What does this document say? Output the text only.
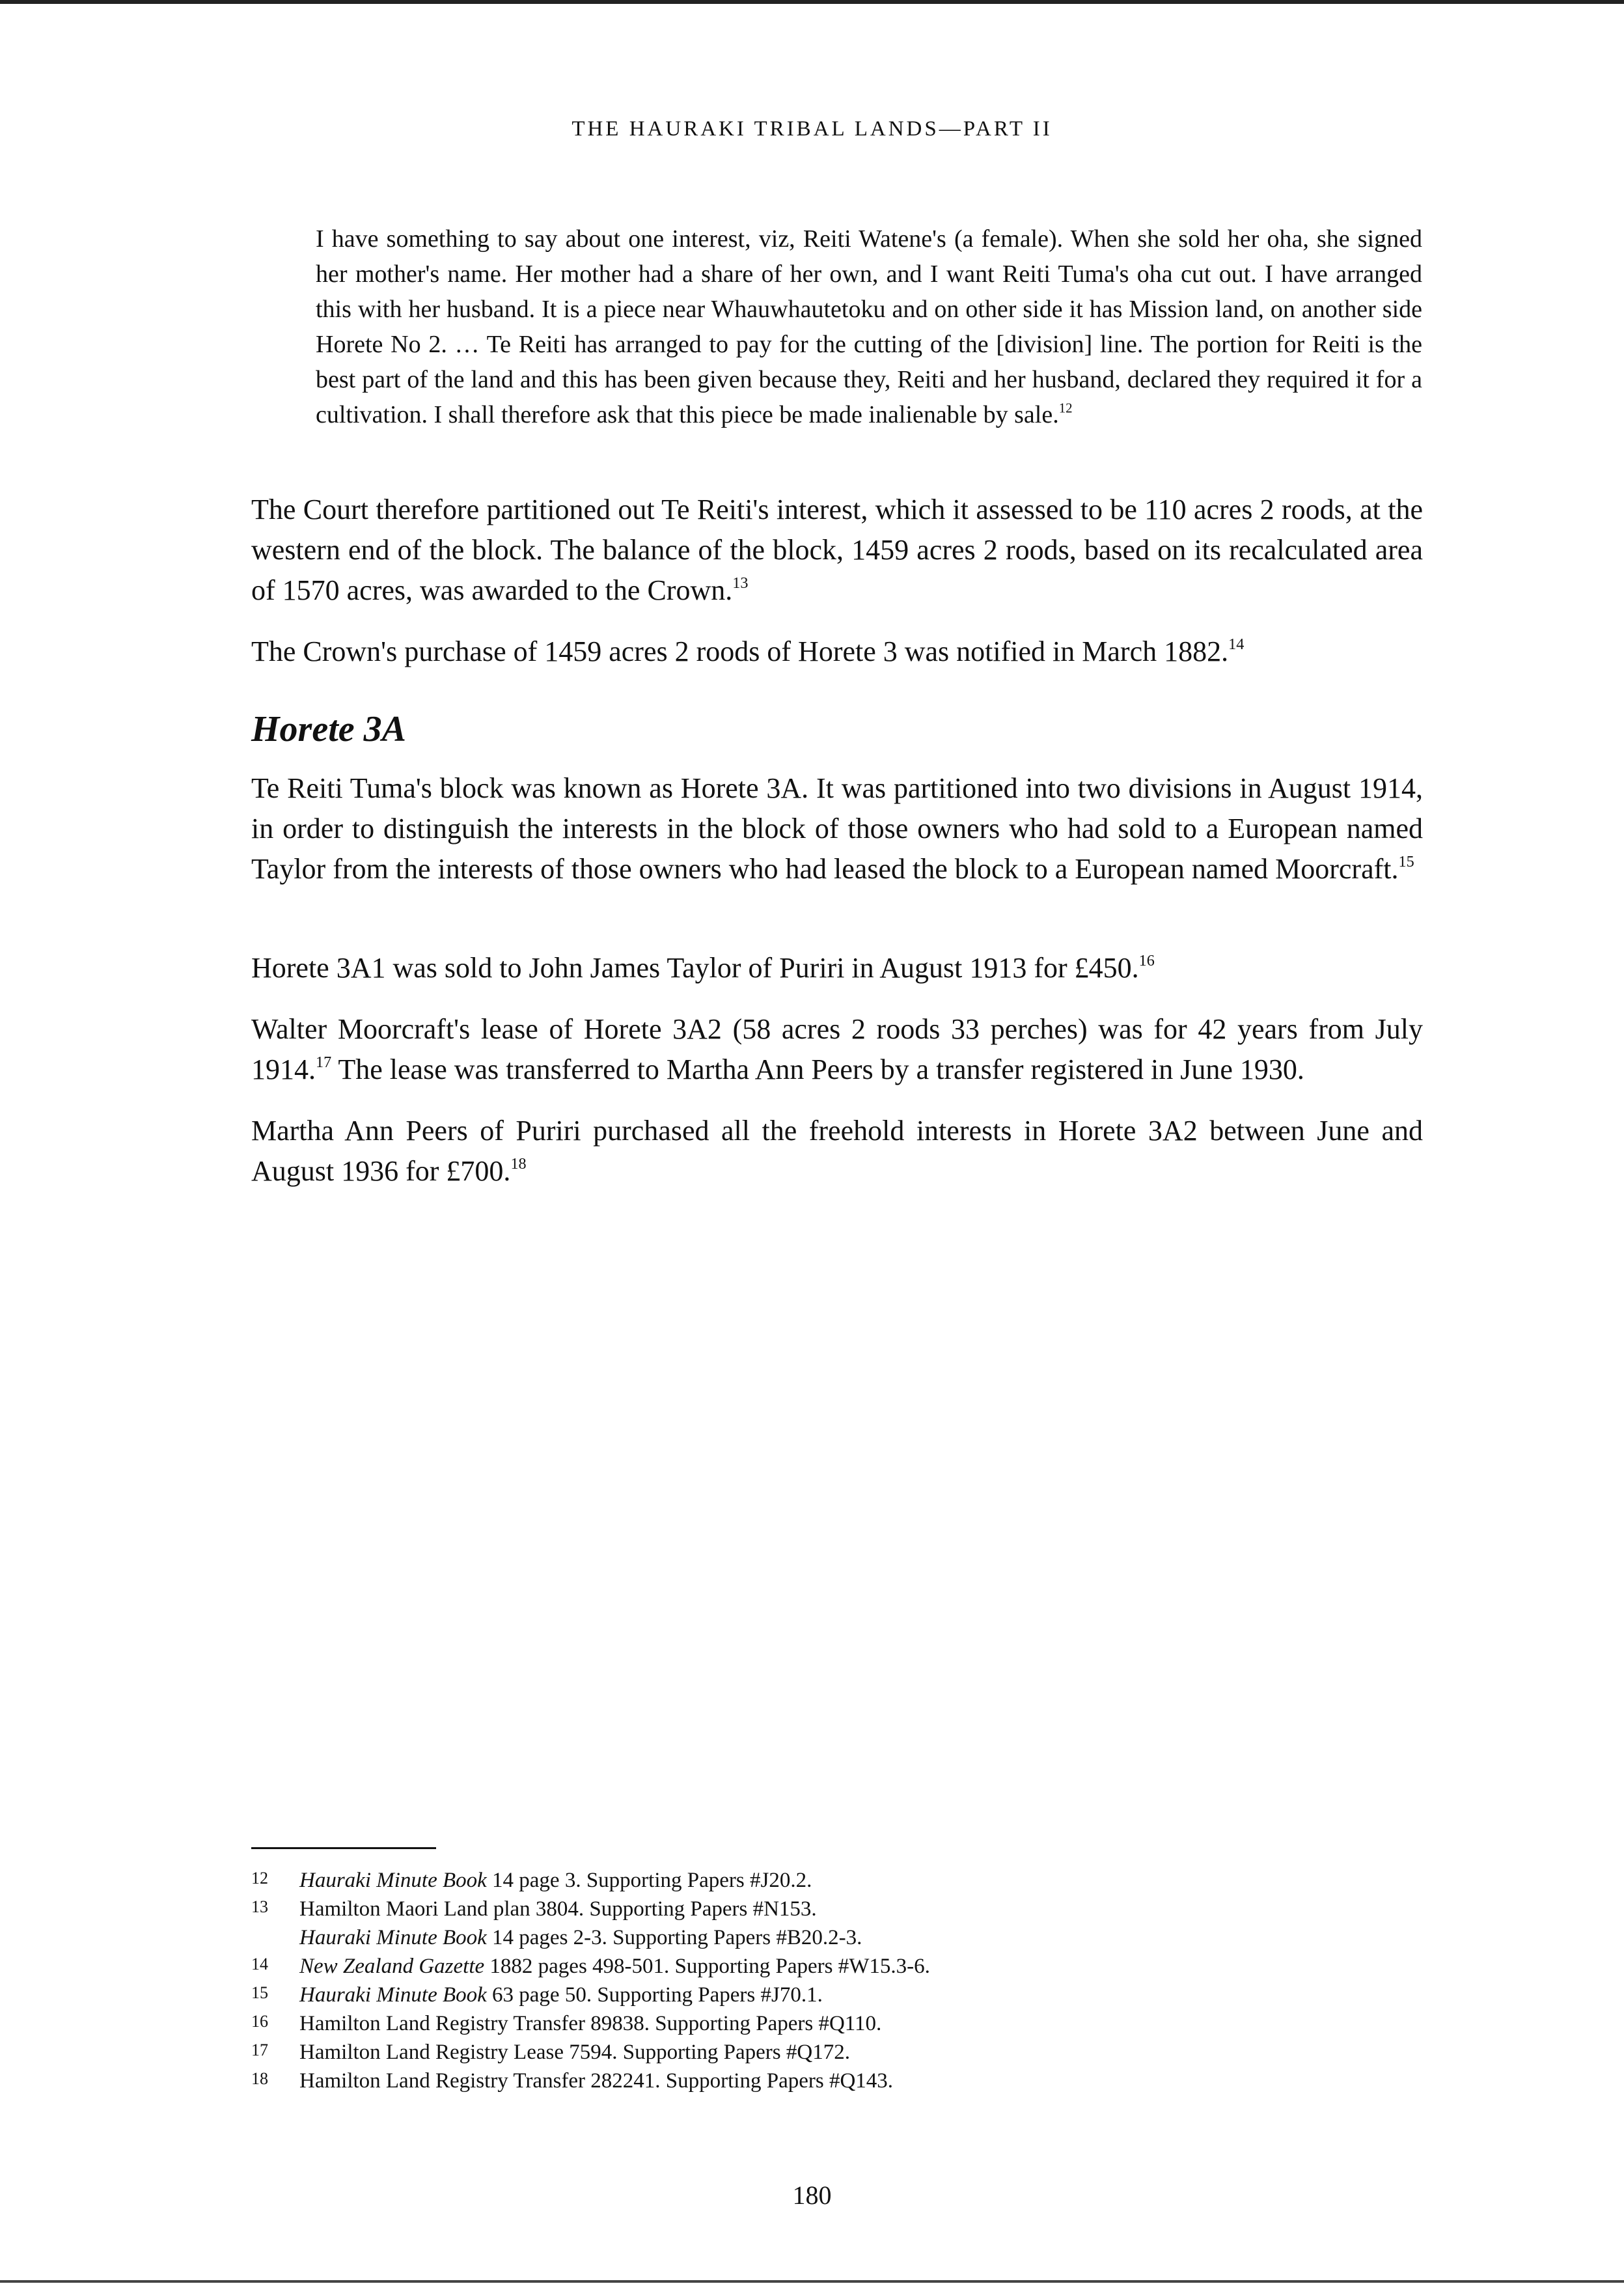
THE HAURAKI TRIBAL LANDS—PART II

I have something to say about one interest, viz, Reiti Watene's (a female). When she sold her oha, she signed her mother's name. Her mother had a share of her own, and I want Reiti Tuma's oha cut out. I have arranged this with her husband. It is a piece near Whauwhautetoku and on other side it has Mission land, on another side Horete No 2. … Te Reiti has arranged to pay for the cutting of the [division] line. The portion for Reiti is the best part of the land and this has been given because they, Reiti and her husband, declared they required it for a cultivation. I shall therefore ask that this piece be made inalienable by sale.$^{12}$

The Court therefore partitioned out Te Reiti's interest, which it assessed to be 110 acres 2 roods, at the western end of the block. The balance of the block, 1459 acres 2 roods, based on its recalculated area of 1570 acres, was awarded to the Crown.$^{13}$

The Crown's purchase of 1459 acres 2 roods of Horete 3 was notified in March 1882.14

Horete 3A

Te Reiti Tuma's block was known as Horete 3A. It was partitioned into two divisions in August 1914, in order to distinguish the interests in the block of those owners who had sold to a European named Taylor from the interests of those owners who had leased the block to a European named Moorcraft.$^{15}$

Horete 3A1 was sold to John James Taylor of Puriri in August 1913 for £450.16

Walter Moorcraft's lease of Horete 3A2 (58 acres 2 roods 33 perches) was for 42 years from July 1914.17 The lease was transferred to Martha Ann Peers by a transfer registered in June 1930.

Martha Ann Peers of Puriri purchased all the freehold interests in Horete 3A2 between June and August 1936 for £700.18

12	Hauraki Minute Book 14 page 3. Supporting Papers #J20.2.
13	Hamilton Maori Land plan 3804. Supporting Papers #N153.
Hauraki Minute Book 14 pages 2-3. Supporting Papers #B20.2-3.
14	New Zealand Gazette 1882 pages 498-501. Supporting Papers #W15.3-6.
15	Hauraki Minute Book 63 page 50. Supporting Papers #J70.1.
16	Hamilton Land Registry Transfer 89838. Supporting Papers #Q110.
17	Hamilton Land Registry Lease 7594. Supporting Papers #Q172.
18	Hamilton Land Registry Transfer 282241. Supporting Papers #Q143.
180
